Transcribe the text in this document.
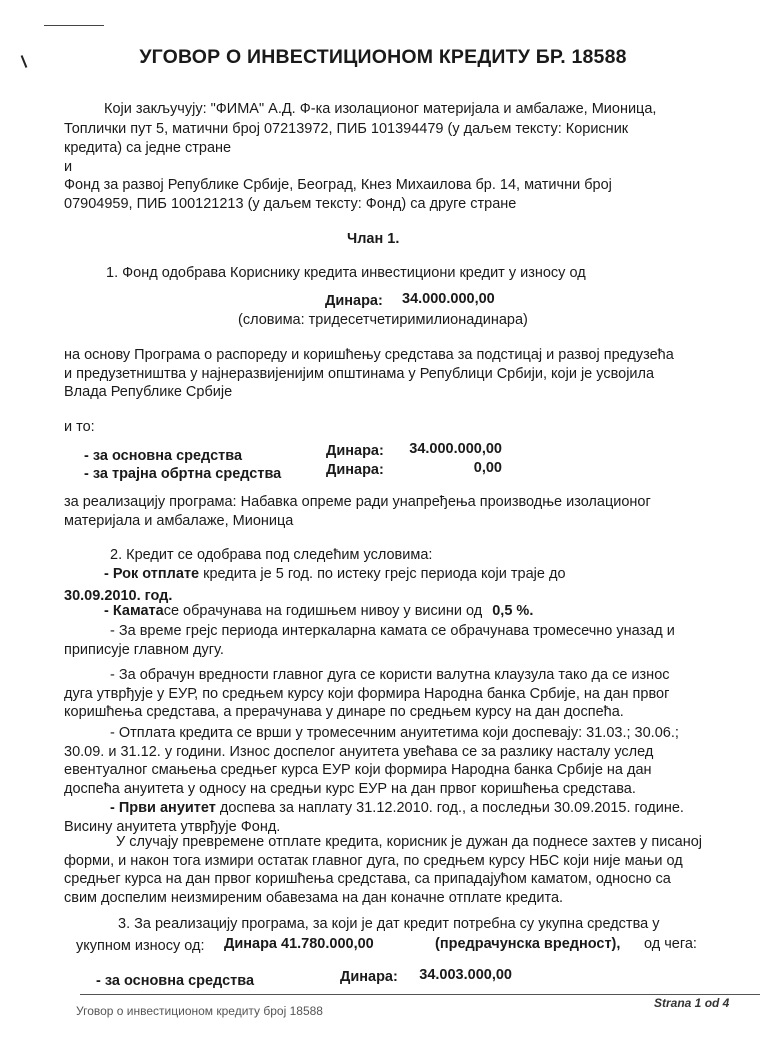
УГОВОР О ИНВЕСТИЦИОНОМ КРЕДИТУ БР. 18588
Који закључују: "ФИМА" А.Д. Ф-ка изолационог материјала и амбалаже, Мионица,
Топлички пут 5, матични број 07213972, ПИБ 101394479 (у даљем тексту: Корисник
кредита) са једне стране
и
Фонд за развој Републике Србије, Београд, Кнез Михаилова бр. 14, матични број
07904959, ПИБ 100121213 (у даљем тексту: Фонд) са друге стране
Члан 1.
1. Фонд одобрава Кориснику кредита инвестициони кредит у износу од
Динара: 34.000.000,00
(словима: тридесетчетиримилионадинара)
на основу Програма о распореду и коришћењу средстава за подстицај и развој предузећа
и предузетништва у најнеразвијенијим општинама у Републици Србији, који је усвојила
Влада Републике Србије
и то:
- за основна средства	Динара:	34.000.000,00
- за трајна обртна средства	Динара:	0,00
за реализацију програма: Набавка опреме ради унапређења производње изолационог
материјала и амбалаже, Мионица
2. Кредит се одобрава под следећим условима:
- Рок отплате кредита је 5 год. по истеку грејс периода који траје до
30.09.2010. год.
- Каматасе обрачунава на годишњем нивоу у висини од 0,5 %.
- За време грејс периода интеркаларна камата се обрачунава тромесечно уназад и
приписује главном дугу.
- За обрачун вредности главног дуга се користи валутна клаузула тако да се износ
дуга утврђује у ЕУР, по средњем курсу који формира Народна банка Србије, на дан првог
коришћења средстава, а прерачунава у динаре по средњем курсу на дан доспећа.
- Отплата кредита се врши у тромесечним ануитетима који доспевају: 31.03.; 30.06.;
30.09. и 31.12. у години. Износ доспелог ануитета увећава се за разлику насталу услед
евентуалног смањења средњег курса ЕУР који формира Народна банка Србије на дан
доспећа ануитета у односу на средњи курс ЕУР на дан првог коришћења средстава.
- Први ануитет доспева за наплату 31.12.2010. год., а последњи 30.09.2015. године.
Висину ануитета утврђује Фонд.
У случају превремене отплате кредита, корисник је дужан да поднесе захтев у писаној
форми, и након тога измири остатак главног дуга, по средњем курсу НБС који није мањи од
средњег курса на дан првог коришћења средстава, са припадајућом каматом, односно са
свим доспелим неизмиреним обавезама на дан коначне отплате кредита.
3. За реализацију програма, за који је дат кредит потребна су укупна средства у
укупном износу од: Динара 41.780.000,00	(предрачунска вредност), од чега:
- за основна средства	Динара:	34.003.000,00
Уговор о инвестиционом кредиту број 18588
Strana 1 od 4
